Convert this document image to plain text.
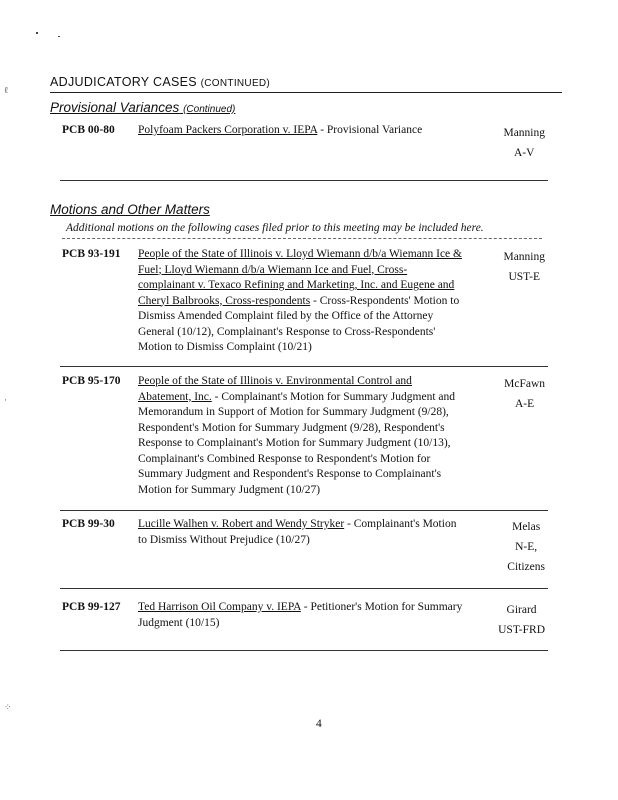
ℓ
·
⁘
ADJUDICATORY CASES (CONTINUED)
Provisional Variances (Continued)
PCB 00-80 Polyfoam Packers Corporation v. IEPA - Provisional Variance	Manning
A-V
Motions and Other Matters
Additional motions on the following cases filed prior to this meeting may be included here.
PCB 93-191 People of the State of Illinois v. Lloyd Wiemann d/b/a Wiemann Ice & Fuel; Lloyd Wiemann d/b/a Wiemann Ice and Fuel, Cross-complainant v. Texaco Refining and Marketing, Inc. and Eugene and Cheryl Balbrooks, Cross-respondents - Cross-Respondents' Motion to Dismiss Amended Complaint filed by the Office of the Attorney General (10/12), Complainant's Response to Cross-Respondents' Motion to Dismiss Complaint (10/21)
Manning
UST-E
PCB 95-170 People of the State of Illinois v. Environmental Control and Abatement, Inc. - Complainant's Motion for Summary Judgment and Memorandum in Support of Motion for Summary Judgment (9/28), Respondent's Motion for Summary Judgment (9/28), Respondent's Response to Complainant's Motion for Summary Judgment (10/13), Complainant's Combined Response to Respondent's Motion for Summary Judgment and Respondent's Response to Complainant's Motion for Summary Judgment (10/27)
McFawn
A-E
PCB 99-30 Lucille Walhen v. Robert and Wendy Stryker - Complainant's Motion to Dismiss Without Prejudice (10/27)
Melas
N-E,
Citizens
PCB 99-127 Ted Harrison Oil Company v. IEPA - Petitioner's Motion for Summary Judgment (10/15)
Girard
UST-FRD
4
